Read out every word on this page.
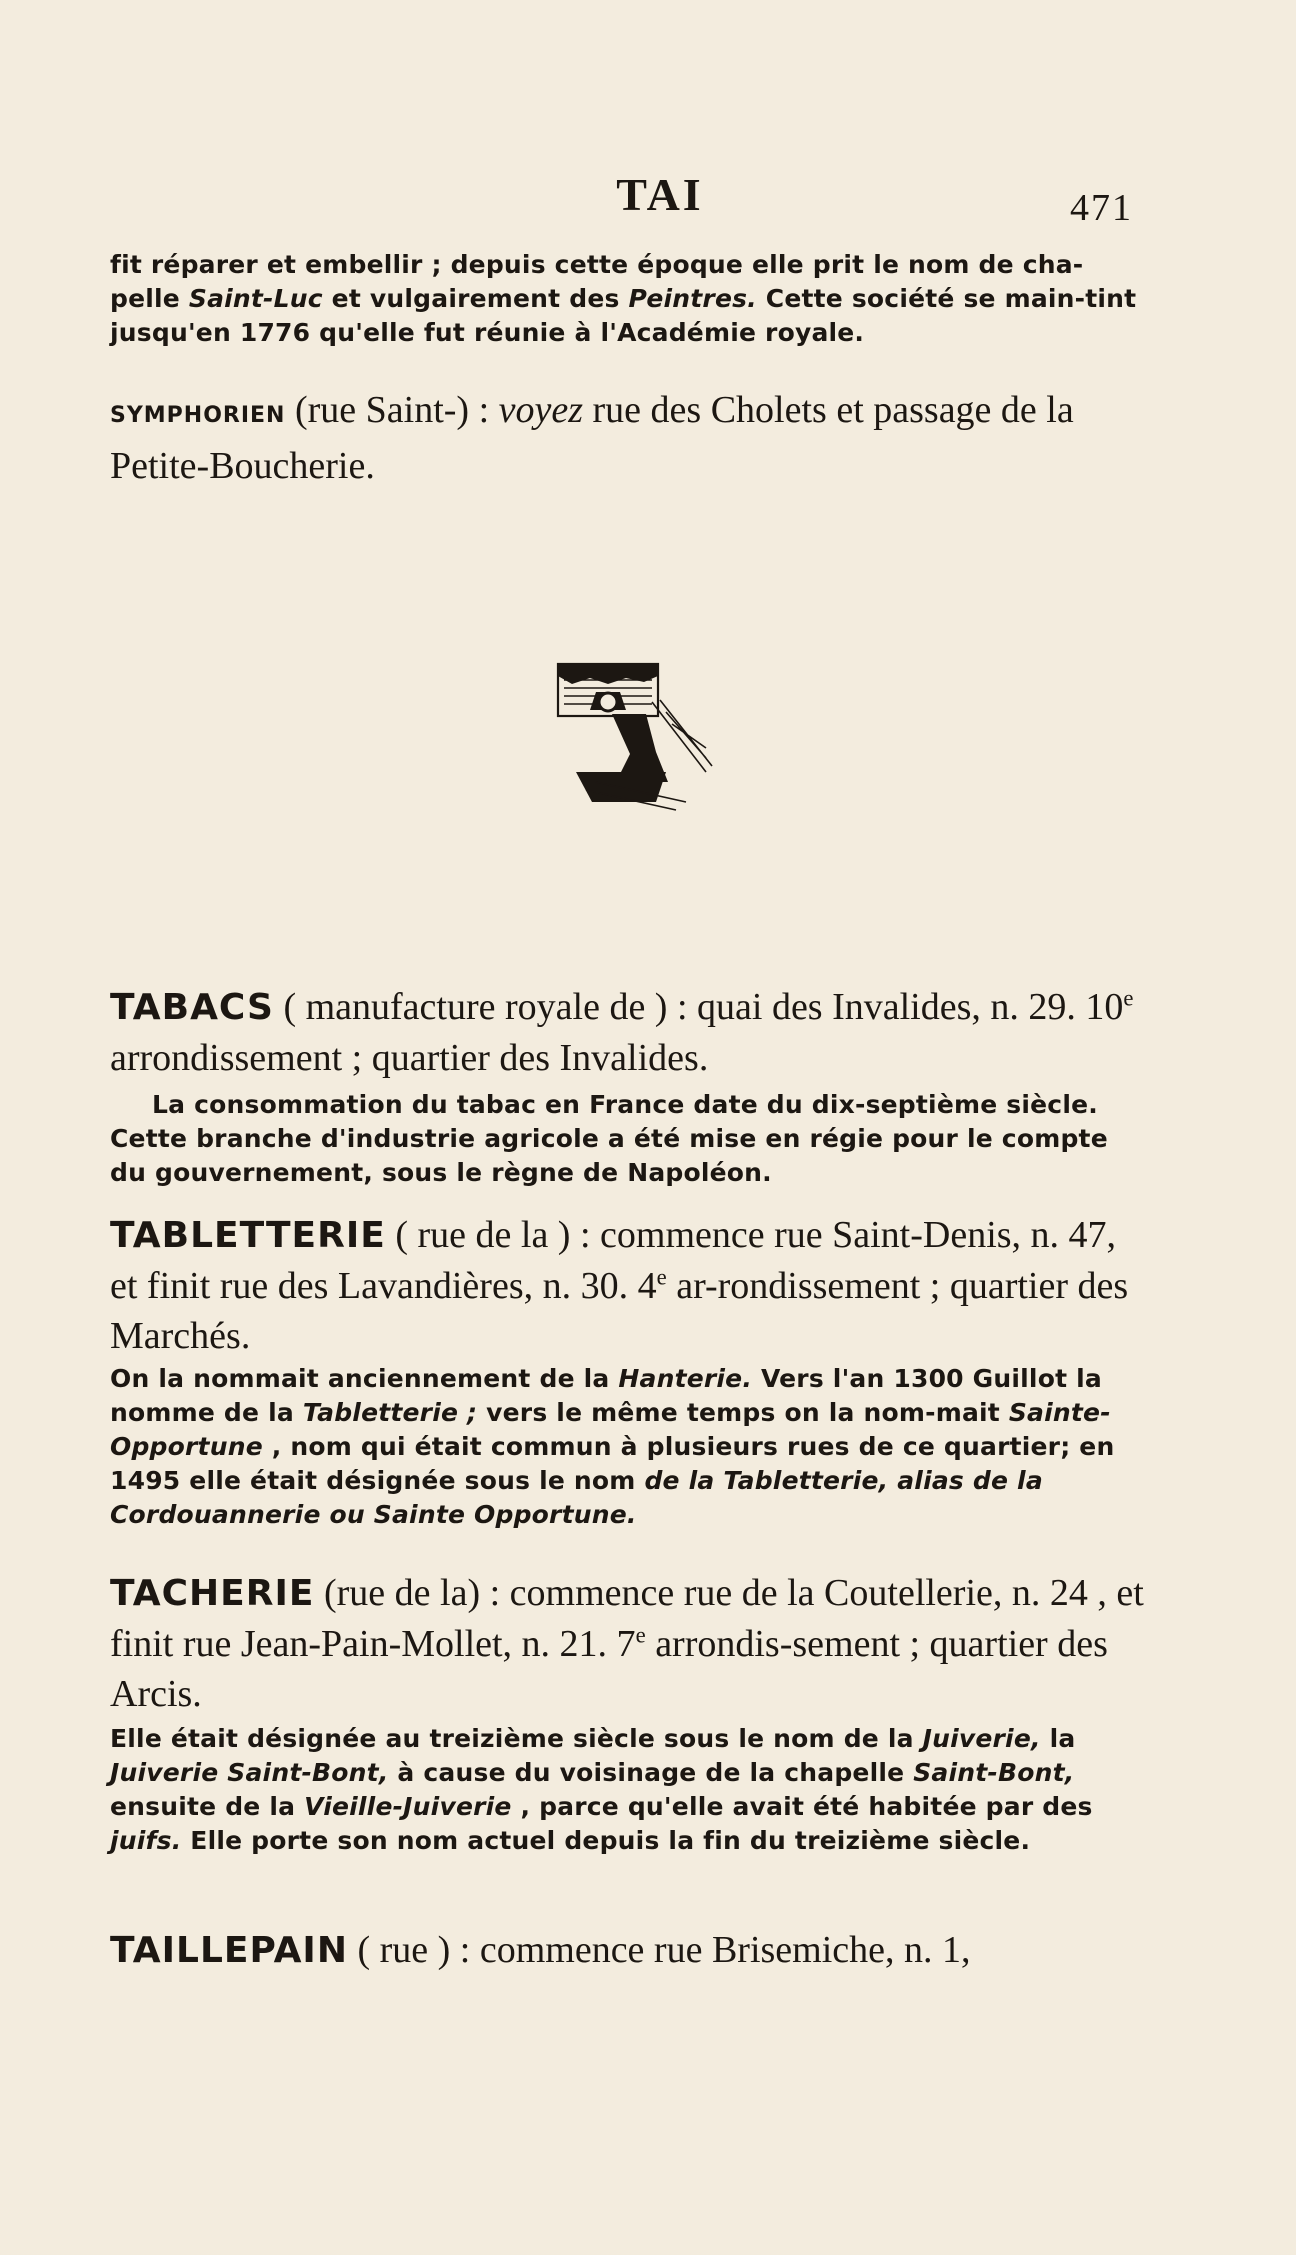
TAI	471
fit réparer et embellir ; depuis cette époque elle prit le nom de cha-pelle Saint-Luc et vulgairement des Peintres. Cette société se main-tint jusqu'en 1776 qu'elle fut réunie à l'Académie royale.
SYMPHORIEN (rue Saint-) : voyez rue des Cholets et passage de la Petite-Boucherie.
TABACS ( manufacture royale de ) : quai des Invalides, n. 29. 10e arrondissement ; quartier des Invalides.
La consommation du tabac en France date du dix-septième siècle. Cette branche d'industrie agricole a été mise en régie pour le compte du gouvernement, sous le règne de Napoléon.
TABLETTERIE ( rue de la ) : commence rue Saint-Denis, n. 47, et finit rue des Lavandières, n. 30. 4e ar-rondissement ; quartier des Marchés.
On la nommait anciennement de la Hanterie. Vers l'an 1300 Guillot la nomme de la Tabletterie ; vers le même temps on la nom-mait Sainte-Opportune , nom qui était commun à plusieurs rues de ce quartier; en 1495 elle était désignée sous le nom de la Tabletterie, alias de la Cordouannerie ou Sainte Opportune.
TACHERIE (rue de la) : commence rue de la Coutellerie, n. 24 , et finit rue Jean-Pain-Mollet, n. 21. 7e arrondis-sement ; quartier des Arcis.
Elle était désignée au treizième siècle sous le nom de la Juiverie, la Juiverie Saint-Bont, à cause du voisinage de la chapelle Saint-Bont, ensuite de la Vieille-Juiverie , parce qu'elle avait été habitée par des juifs. Elle porte son nom actuel depuis la fin du treizième siècle.
TAILLEPAIN ( rue ) : commence rue Brisemiche, n. 1,
